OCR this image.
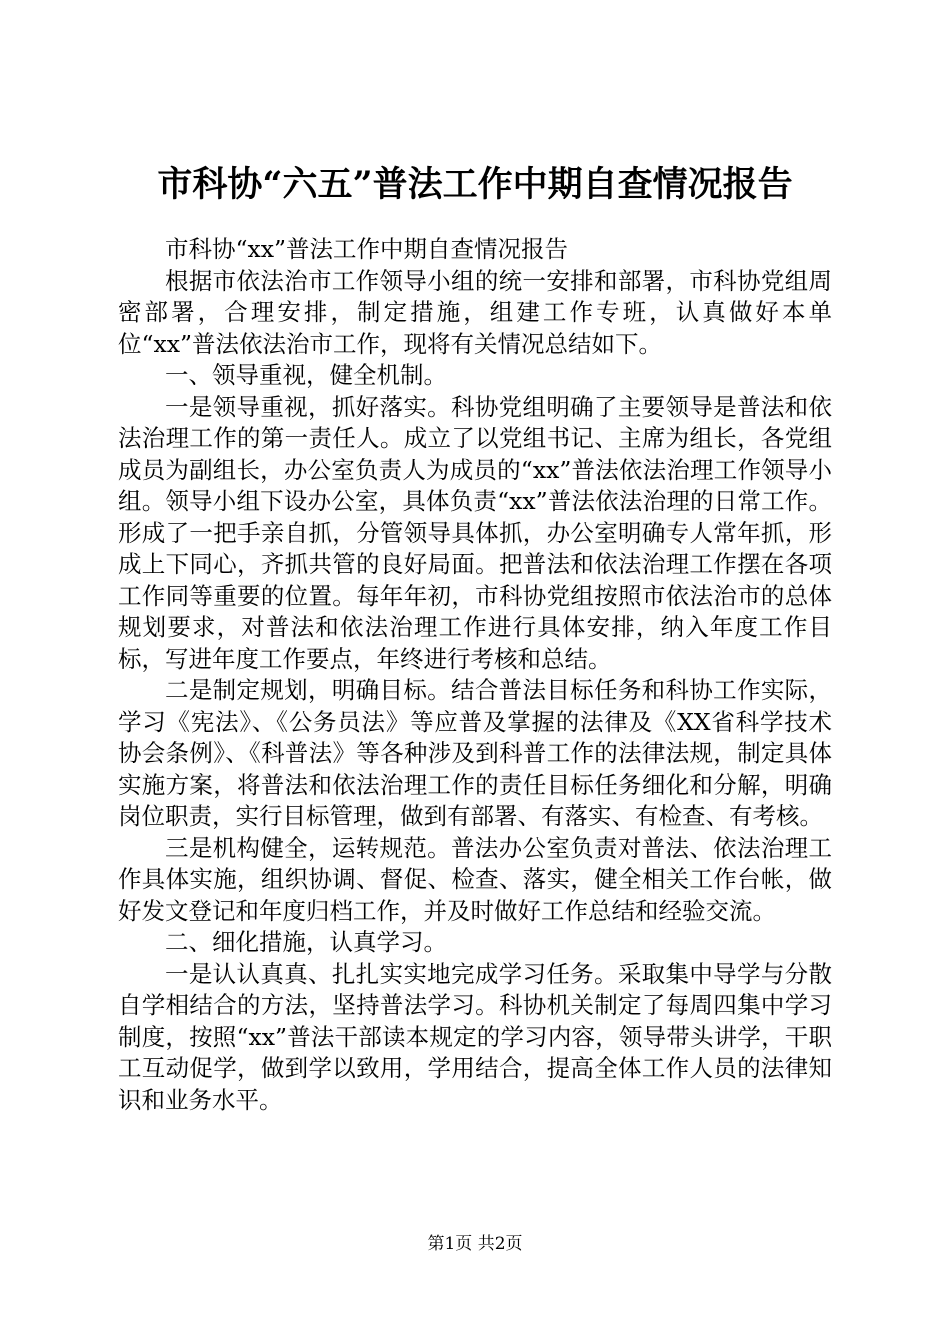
市科协“六五”普法工作中期自查情况报告

市科协“xx”普法工作中期自查情况报告

根据市依法治市工作领导小组的统一安排和部署，市科协党组周密部署，合理安排，制定措施，组建工作专班，认真做好本单位“xx”普法依法治市工作，现将有关情况总结如下。

一、领导重视，健全机制。

一是领导重视，抓好落实。科协党组明确了主要领导是普法和依法治理工作的第一责任人。成立了以党组书记、主席为组长，各党组成员为副组长，办公室负责人为成员的“xx”普法依法治理工作领导小组。领导小组下设办公室，具体负责“xx”普法依法治理的日常工作。形成了一把手亲自抓，分管领导具体抓，办公室明确专人常年抓，形成上下同心，齐抓共管的良好局面。把普法和依法治理工作摆在各项工作同等重要的位置。每年年初，市科协党组按照市依法治市的总体规划要求，对普法和依法治理工作进行具体安排，纳入年度工作目标，写进年度工作要点，年终进行考核和总结。

二是制定规划，明确目标。结合普法目标任务和科协工作实际，学习《宪法》、《公务员法》等应普及掌握的法律及《XX省科学技术协会条例》、《科普法》等各种涉及到科普工作的法律法规，制定具体实施方案，将普法和依法治理工作的责任目标任务细化和分解，明确岗位职责，实行目标管理，做到有部署、有落实、有检查、有考核。

三是机构健全，运转规范。普法办公室负责对普法、依法治理工作具体实施，组织协调、督促、检查、落实，健全相关工作台帐，做好发文登记和年度归档工作，并及时做好工作总结和经验交流。

二、细化措施，认真学习。

一是认认真真、扎扎实实地完成学习任务。采取集中导学与分散自学相结合的方法，坚持普法学习。科协机关制定了每周四集中学习制度，按照“xx”普法干部读本规定的学习内容，领导带头讲学，干职工互动促学，做到学以致用，学用结合，提高全体工作人员的法律知识和业务水平。

第1页 共2页
